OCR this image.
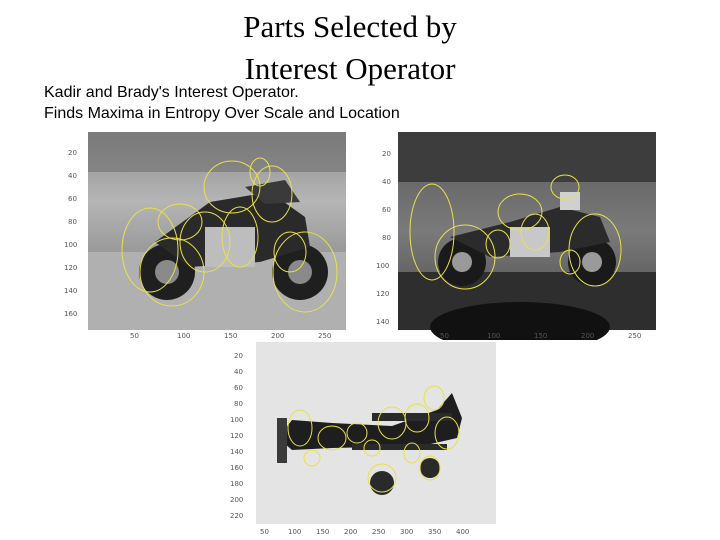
Parts Selected by
Interest Operator
Kadir and Brady's Interest Operator.
Finds Maxima in Entropy Over Scale and Location
20
40
60
80
100
120
140
160
50	100	150	200	250
20
40
60
80
100
120
140
50	100	150	200	250
20
40
60
80
100
120
140
160
180
200
220
50	100 150 200 250 300 350 400
